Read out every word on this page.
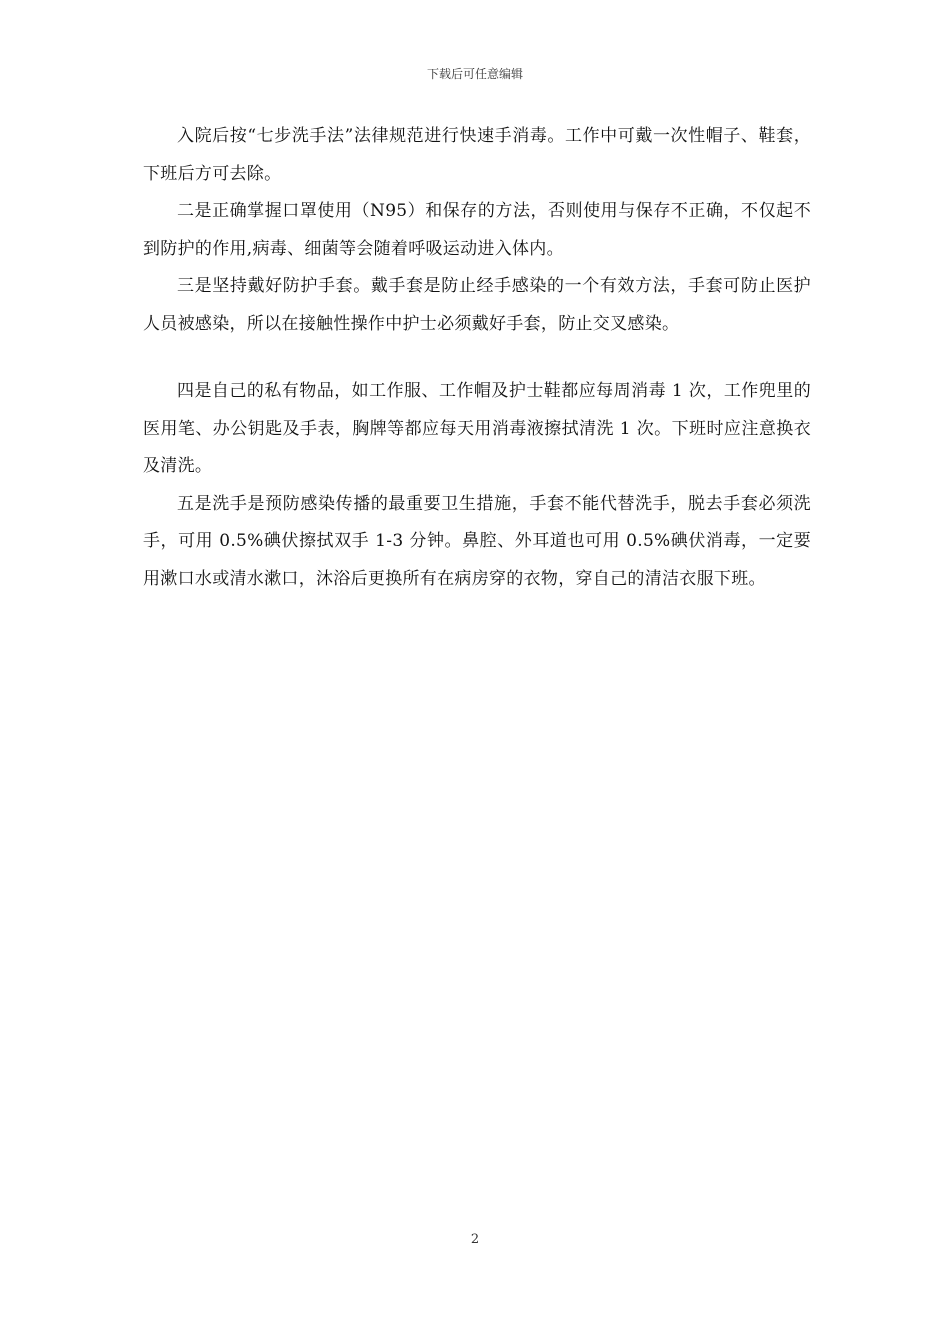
下载后可任意编辑

入院后按“七步洗手法”法律规范进行快速手消毒。工作中可戴一次性帽子、鞋套，下班后方可去除。

二是正确掌握口罩使用（N95）和保存的方法，否则使用与保存不正确，不仅起不到防护的作用,病毒、细菌等会随着呼吸运动进入体内。

三是坚持戴好防护手套。戴手套是防止经手感染的一个有效方法，手套可防止医护人员被感染，所以在接触性操作中护士必须戴好手套，防止交叉感染。

四是自己的私有物品，如工作服、工作帽及护士鞋都应每周消毒 1 次，工作兜里的医用笔、办公钥匙及手表，胸牌等都应每天用消毒液擦拭清洗 1 次。下班时应注意换衣及清洗。

五是洗手是预防感染传播的最重要卫生措施，手套不能代替洗手，脱去手套必须洗手，可用 0.5%碘伏擦拭双手 1-3 分钟。鼻腔、外耳道也可用 0.5%碘伏消毒，一定要用漱口水或清水漱口，沐浴后更换所有在病房穿的衣物，穿自己的清洁衣服下班。

2
